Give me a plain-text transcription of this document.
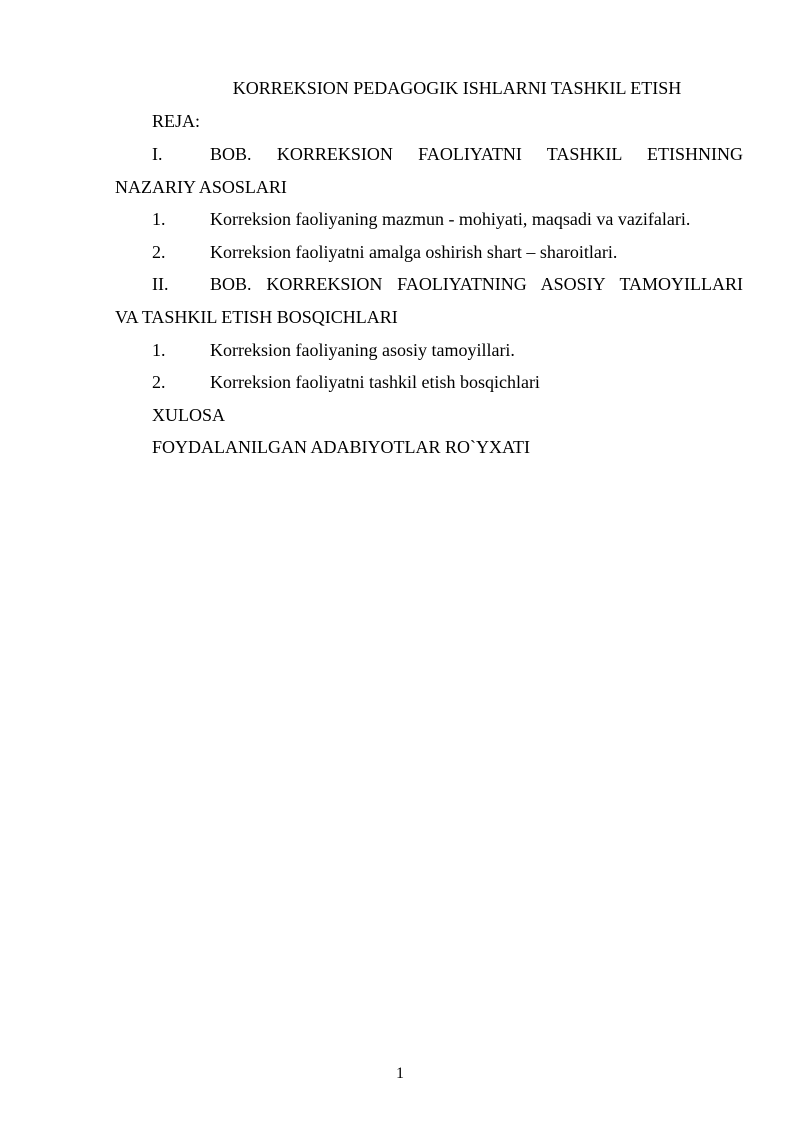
KORREKSION PEDAGOGIK ISHLARNI TASHKIL ETISH
REJA:
I.	BOB. KORREKSION FAOLIYATNI TASHKIL ETISHNING
NAZARIY ASOSLARI
1. Korreksion faoliyaning mazmun - mohiyati, maqsadi va vazifalari.
2. Korreksion faoliyatni amalga oshirish shart – sharoitlari.
II. BOB. KORREKSION FAOLIYATNING ASOSIY TAMOYILLARI
VA TASHKIL ETISH BOSQICHLARI
1. Korreksion faoliyaning asosiy tamoyillari.
2. Korreksion faoliyatni tashkil etish bosqichlari
XULOSA
FOYDALANILGAN ADABIYOTLAR RO`YXATI
1
